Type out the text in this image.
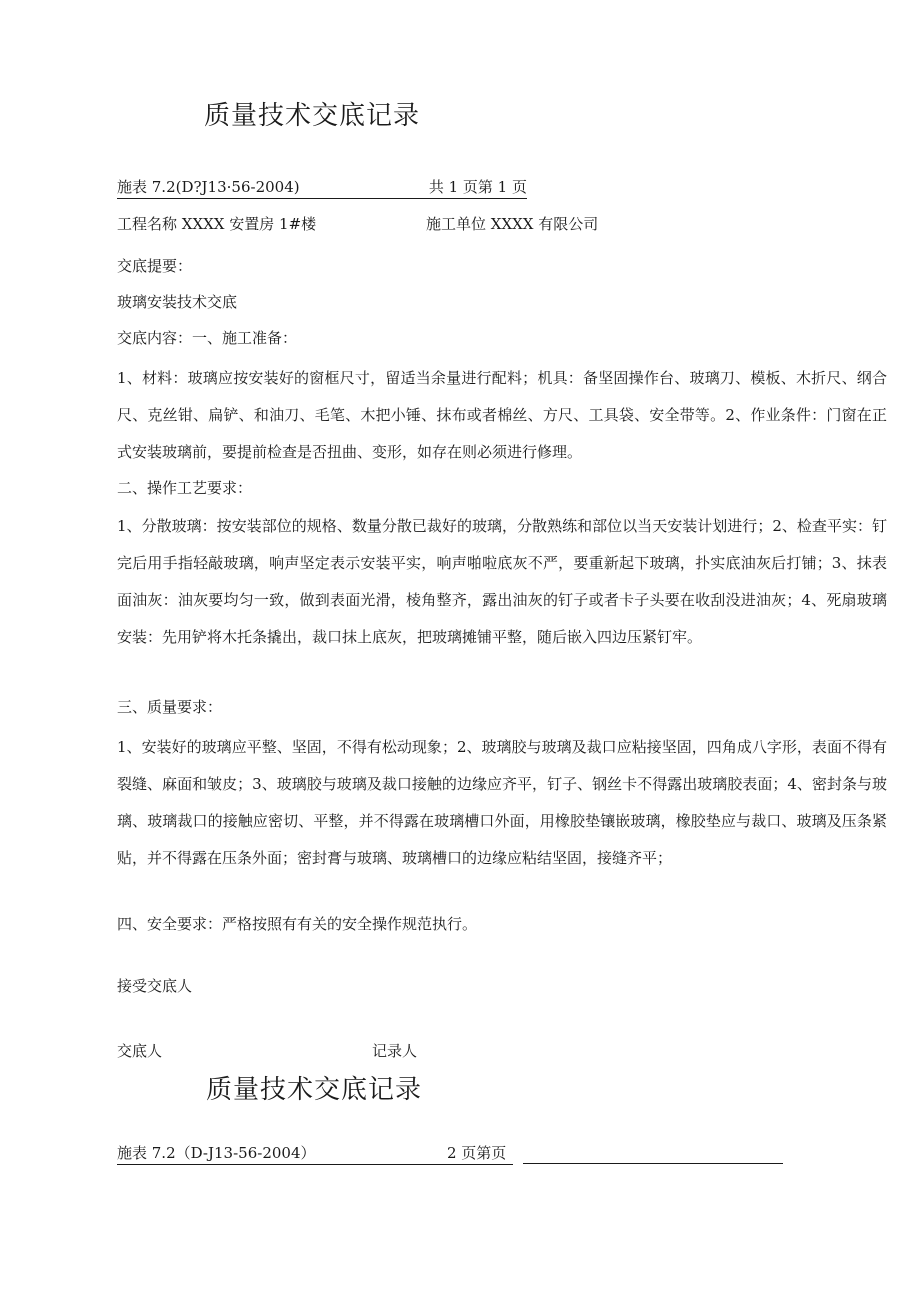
质量技术交底记录
施表 7.2(D?J13·56-2004)	共 1 页第 1 页
工程名称 XXXX 安置房 1#楼	施工单位 XXXX 有限公司
交底提要：
玻璃安装技术交底
交底内容：一、施工准备：

1、材料：玻璃应按安装好的窗框尺寸，留适当余量进行配料；机具：备坚固操作台、玻璃刀、模板、木折尺、纲合尺、克丝钳、扁铲、和油刀、毛笔、木把小锤、抹布或者棉丝、方尺、工具袋、安全带等。2、作业条件：门窗在正式安装玻璃前，要提前检查是否扭曲、变形，如存在则必须进行修理。

二、操作工艺要求：

1、分散玻璃：按安装部位的规格、数量分散已裁好的玻璃，分散熟练和部位以当天安装计划进行；2、检查平实：钉完后用手指轻敲玻璃，响声坚定表示安装平实，响声啪啦底灰不严，要重新起下玻璃，扑实底油灰后打铺；3、抹表面油灰：油灰要均匀一致，做到表面光滑，棱角整齐，露出油灰的钉子或者卡子头要在收刮没进油灰；4、死扇玻璃安装：先用铲将木托条撬出，裁口抹上底灰，把玻璃摊铺平整，随后嵌入四边压紧钉牢。

三、质量要求：

1、安装好的玻璃应平整、坚固，不得有松动现象；2、玻璃胶与玻璃及裁口应粘接坚固，四角成八字形，表面不得有裂缝、麻面和皱皮；3、玻璃胶与玻璃及裁口接触的边缘应齐平，钉子、钢丝卡不得露出玻璃胶表面；4、密封条与玻璃、玻璃裁口的接触应密切、平整，并不得露在玻璃槽口外面，用橡胶垫镶嵌玻璃，橡胶垫应与裁口、玻璃及压条紧贴，并不得露在压条外面；密封膏与玻璃、玻璃槽口的边缘应粘结坚固，接缝齐平；

四、安全要求：严格按照有有关的安全操作规范执行。
接受交底人
交底人	记录人
质量技术交底记录
施表 7.2（D-J13-56-2004）	2 页第页
